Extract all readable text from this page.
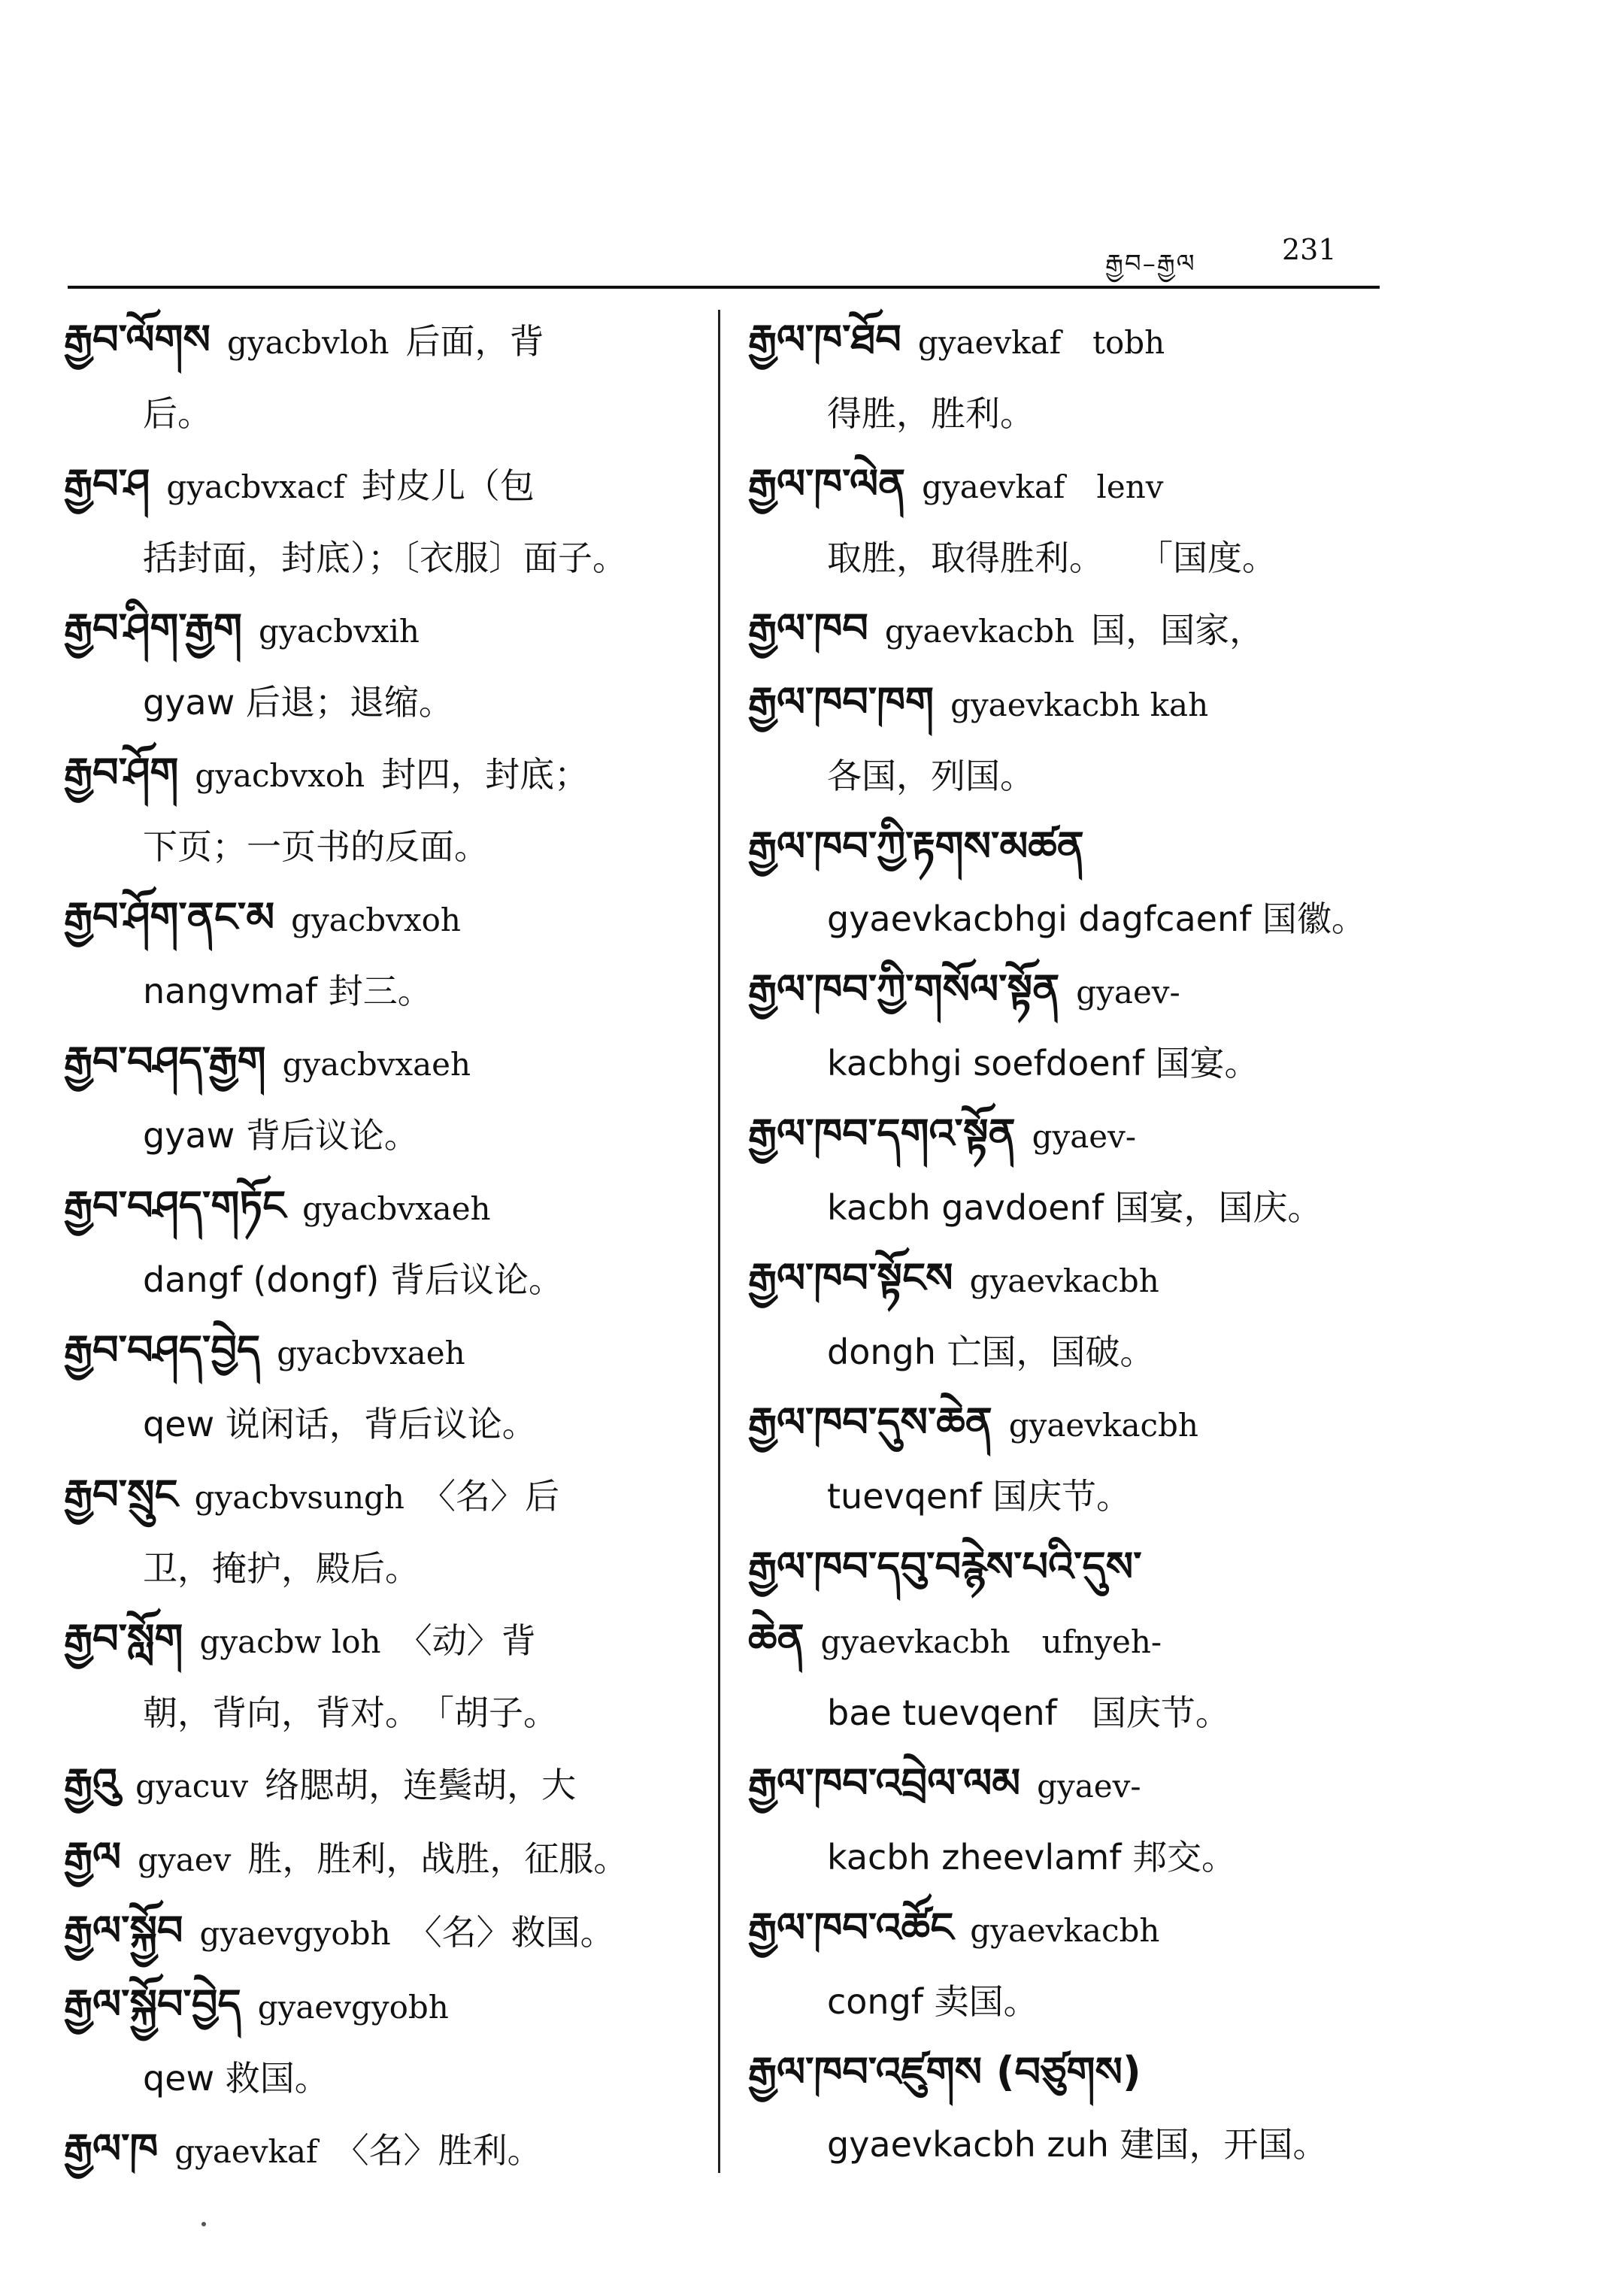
རྒྱབ–རྒྱལ	231

རྒྱབ་ལོགས gyacbvloh 后面，背
后。

རྒྱབ་ཤ gyacbvxacf 封皮儿（包
括封面，封底）；〔衣服〕面子。

རྒྱབ་ཤིག་རྒྱག gyacbvxih
gyaw 后退；退缩。

རྒྱབ་ཤོག gyacbvxoh 封四，封底；
下页；一页书的反面。

རྒྱབ་ཤོག་ནང་མ gyacbvxoh
nangvmaf 封三。

རྒྱབ་བཤད་རྒྱག gyacbvxaeh
gyaw 背后议论。

རྒྱབ་བཤད་གཏོང gyacbvxaeh
dangf (dongf) 背后议论。

རྒྱབ་བཤད་བྱེད gyacbvxaeh
qew 说闲话，背后议论。

རྒྱབ་སྲུང gyacbvsungh 〈名〉后
卫，掩护，殿后。

རྒྱབ་སློག gyacbw loh 〈动〉背
朝，背向，背对。　「胡子。

རྒྱའུ gyacuv 络腮胡，连鬓胡，大

རྒྱལ gyaev 胜，胜利，战胜，征服。

རྒྱལ་སྐྱོབ gyaevgyobh 〈名〉救国。

རྒྱལ་སྐྱོབ་བྱེད gyaevgyobh
qew 救国。

རྒྱལ་ཁ gyaevkaf 〈名〉胜利。

རྒྱལ་ཁ་ཐོབ gyaevkaf　tobh
得胜，胜利。

རྒྱལ་ཁ་ལེན gyaevkaf　lenv
取胜，取得胜利。　　「国度。

རྒྱལ་ཁབ gyaevkacbh 国，国家，

རྒྱལ་ཁབ་ཁག gyaevkacbh kah
各国，列国。

རྒྱལ་ཁབ་ཀྱི་རྟགས་མཚན
gyaevkacbhgi dagfcaenf 国徽。

རྒྱལ་ཁབ་ཀྱི་གསོལ་སྟོན gyaev-
kacbhgi soefdoenf 国宴。

རྒྱལ་ཁབ་དགའ་སྟོན gyaev-
kacbh gavdoenf 国宴，国庆。

རྒྱལ་ཁབ་སྟོངས gyaevkacbh
dongh 亡国，国破。

རྒྱལ་ཁབ་དུས་ཆེན gyaevkacbh
tuevqenf 国庆节。

རྒྱལ་ཁབ་དབུ་བརྙེས་པའི་དུས་

ཆེན gyaevkacbh　ufnyeh-
bae tuevqenf　国庆节。

རྒྱལ་ཁབ་འབྲེལ་ལམ gyaev-
kacbh zheevlamf 邦交。

རྒྱལ་ཁབ་འཚོང gyaevkacbh
congf 卖国。

རྒྱལ་ཁབ་འཛུགས (བཙུགས)
gyaevkacbh zuh 建国，开国。
